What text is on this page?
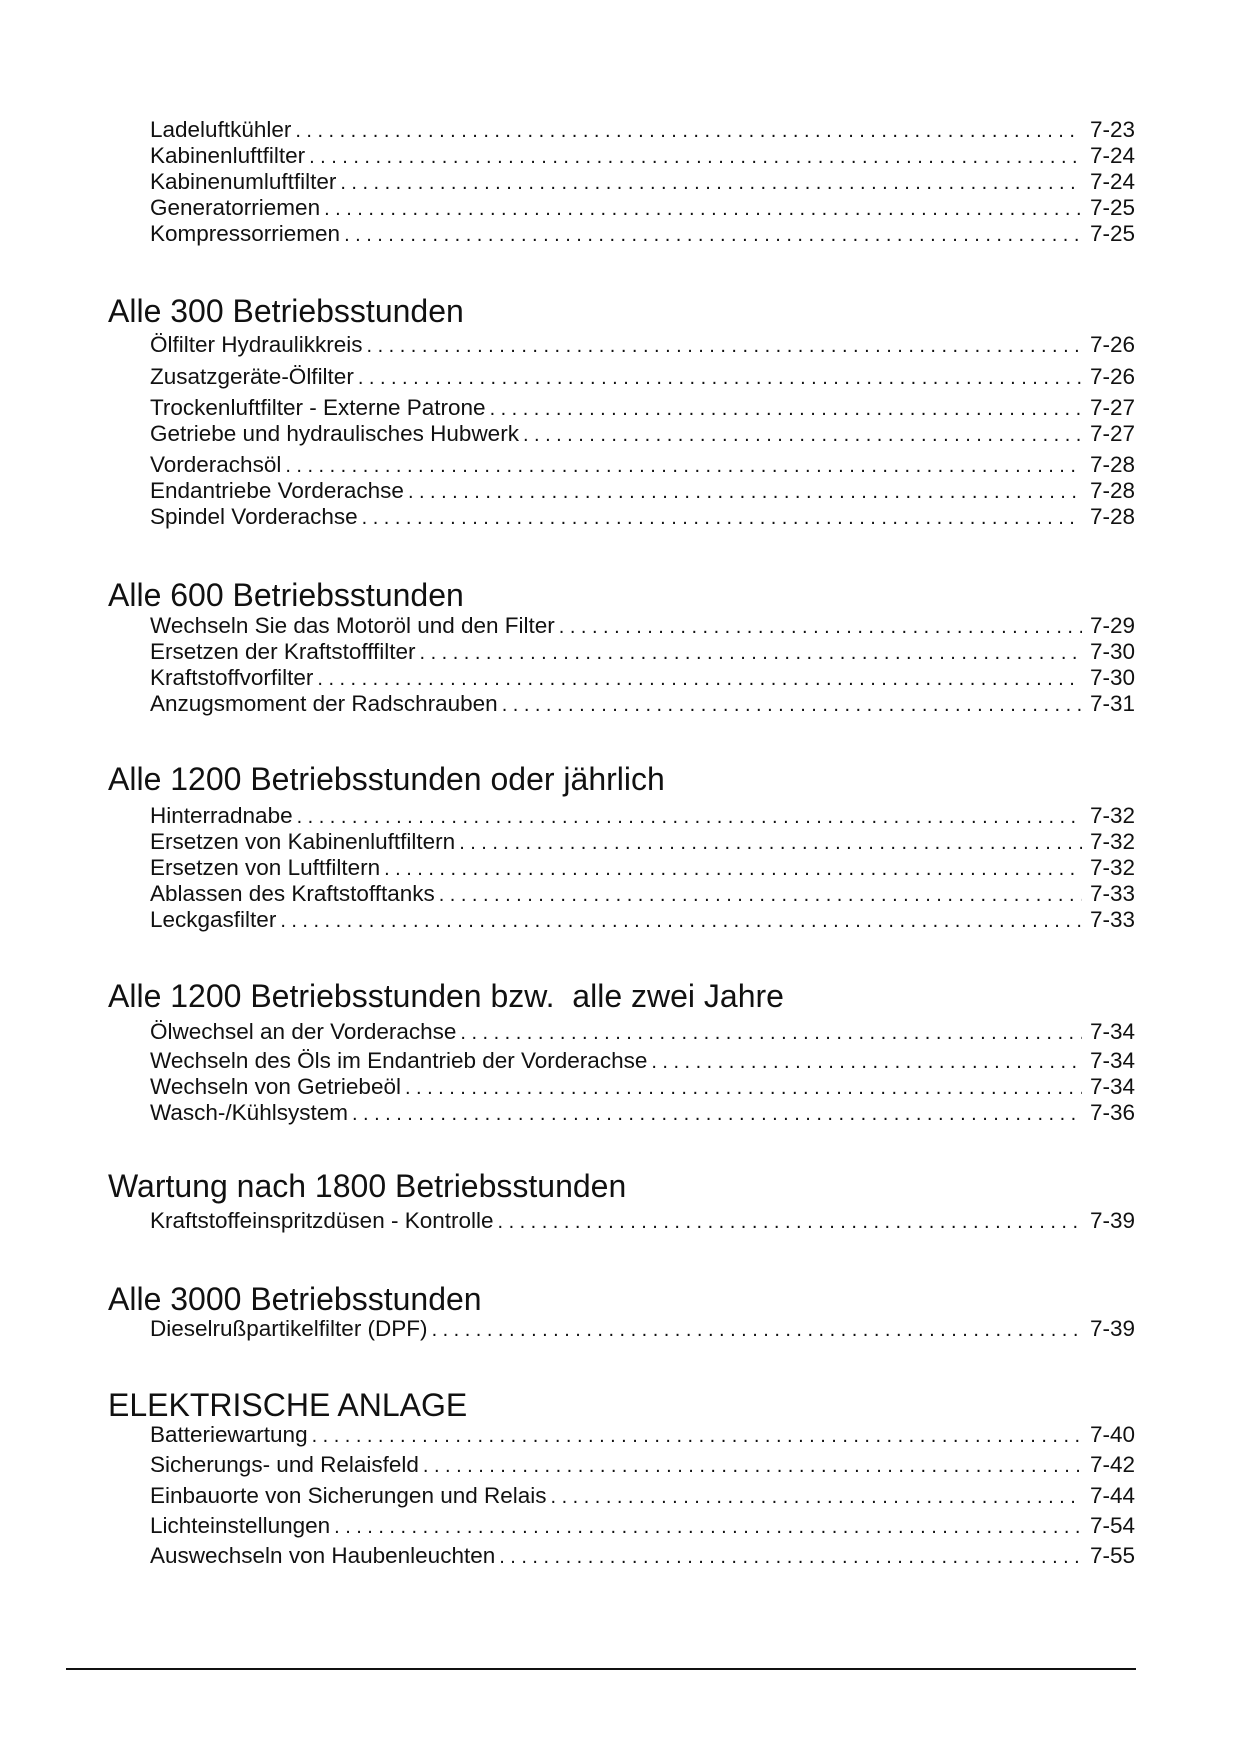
Ladeluftkühler .....	7-23
Kabinenluftfilter .....	7-24
Kabinenumluftfilter .....	7-24
Generatorriemen .....	7-25
Kompressorriemen .....	7-25
Alle 300 Betriebsstunden
Ölfilter Hydraulikkreis .....	7-26
Zusatzgeräte-Ölfilter .....	7-26
Trockenluftfilter - Externe Patrone .....	7-27
Getriebe und hydraulisches Hubwerk .....	7-27
Vorderachsöl .....	7-28
Endantriebe Vorderachse .....	7-28
Spindel Vorderachse .....	7-28
Alle 600 Betriebsstunden
Wechseln Sie das Motoröl und den Filter .....	7-29
Ersetzen der Kraftstofffilter .....	7-30
Kraftstoffvorfilter .....	7-30
Anzugsmoment der Radschrauben .....	7-31
Alle 1200 Betriebsstunden oder jährlich
Hinterradnabe .....	7-32
Ersetzen von Kabinenluftfiltern .....	7-32
Ersetzen von Luftfiltern .....	7-32
Ablassen des Kraftstofftanks .....	7-33
Leckgasfilter .....	7-33
Alle 1200 Betriebsstunden bzw.  alle zwei Jahre
Ölwechsel an der Vorderachse .....	7-34
Wechseln des Öls im Endantrieb der Vorderachse .....	7-34
Wechseln von Getriebeöl .....	7-34
Wasch-/Kühlsystem .....	7-36
Wartung nach 1800 Betriebsstunden
Kraftstoffeinspritzdüsen - Kontrolle .....	7-39
Alle 3000 Betriebsstunden
Dieselrußpartikelfilter (DPF) .....	7-39
ELEKTRISCHE ANLAGE
Batteriewartung .....	7-40
Sicherungs- und Relaisfeld .....	7-42
Einbauorte von Sicherungen und Relais .....	7-44
Lichteinstellungen .....	7-54
Auswechseln von Haubenleuchten .....	7-55
